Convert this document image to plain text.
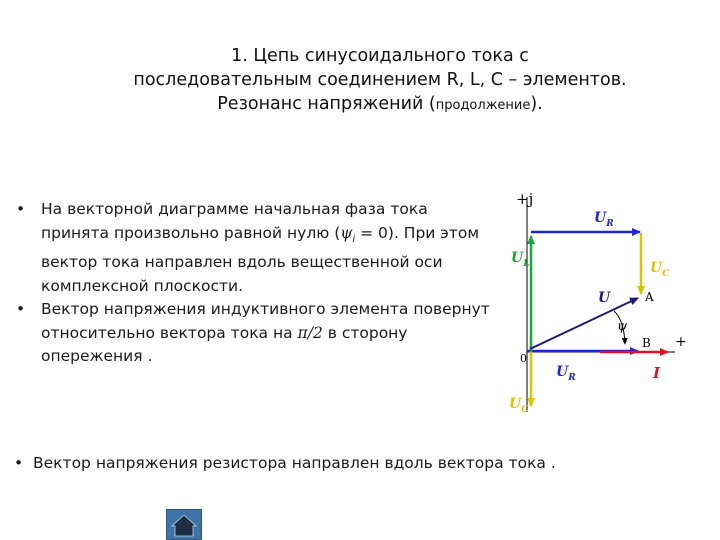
1. Цепь синусоидального тока с
последовательным соединением R, L, C – элементов.
Резонанс напряжений (продолжение).
• На векторной диаграмме начальная фаза тока принята произвольно равной нулю $(\psi_i = 0)$. При этом вектор тока направлен вдоль вещественной оси комплексной плоскости.
• Вектор напряжения индуктивного элемента повернут относительно вектора тока на π/2 в сторону опережения .
• Вектор напряжения резистора направлен вдоль вектора тока .
+j
+
0
$U_R$
$U_L$	$U_C$
U
ψ
A
B
$U_R$	I
$U_C$
